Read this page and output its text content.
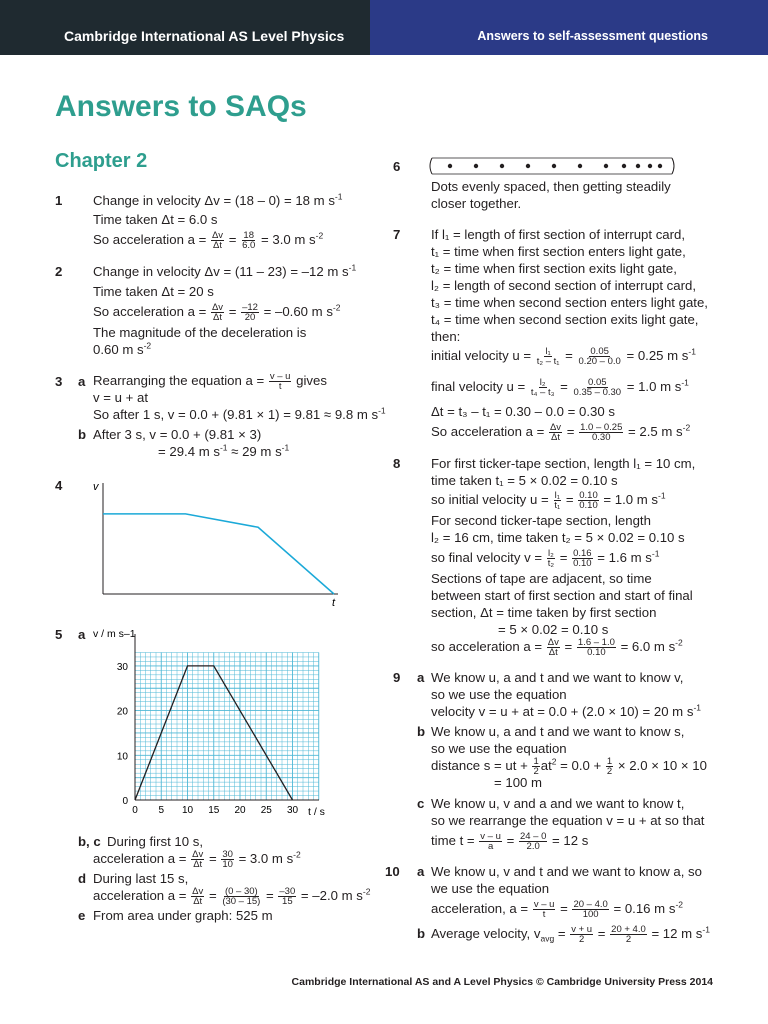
Cambridge International AS Level Physics	Answers to self-assessment questions
Answers to SAQs
Chapter 2
1 Change in velocity Δv = (18 – 0) = 18 m $s^{-1}$
Time taken Δt = 6.0 s
So acceleration $a = \frac{\Delta v}{\Delta t} = \frac{18}{6.0} = 3.0$ m $s^{-2}$
2 Change in velocity Δv = (11 – 23) = –12 m $s^{-1}$
Time taken Δt = 20 s
So acceleration $a = \frac{\Delta v}{\Delta t} = \frac{-12}{20} = -0.60$ m $s^{-2}$
The magnitude of the deceleration is
0.60 m $s^{-2}$
3 a Rearranging the equation $a = \frac{v - u}{t}$ gives
v = u + at
So after 1 s, v = 0.0 + (9.81 × 1) = 9.81 ≈ 9.8 m $s^{-1}$
b After 3 s, v = 0.0 + (9.81 × 3)
= 29.4 m $s^{-1} \approx 29$ m $s^{-1}$
4	v
t
5 a v / m s–1
0 5 10 15 20 25 30
0
10
20
30
t / s
b, c During first 10 s,
acceleration $a = \frac{\Delta v}{\Delta t} = \frac{30}{10} = 3.0$ m $s^{-2}$
d During last 15 s,
acceleration $a = \frac{\Delta v}{\Delta t} = \frac{(0 - 30)}{(30 - 15)} = \frac{-30}{15} = -2.0$ m $s^{-2}$
e From area under graph: 525 m
6
Dots evenly spaced, then getting steadily
closer together.
7 If l₁ = length of first section of interrupt card,
t₁ = time when first section enters light gate,
t₂ = time when first section exits light gate,
l₂ = length of second section of interrupt card,
t₃ = time when second section enters light gate,
t₄ = time when second section exits light gate,
then:
initial velocity $u = \frac{\text{l₁}}{\text{t₂ – t₁}} = \frac{0.05}{0.20 - 0.0} = 0.25$ m $s^{-1}$
final velocity $u = \frac{\text{l₂}}{\text{t₄ – t₃}} = \frac{0.05}{0.35 - 0.30} = 1.0$ m $s^{-1}$
Δt = t₃ – t₁ = 0.30 – 0.0 = 0.30 s
So acceleration $a = \frac{\Delta v}{\Delta t} = \frac{1.0 - 0.25}{0.30} = 2.5$ m $s^{-2}$
8 For first ticker-tape section, length l₁ = 10 cm,
time taken t₁ = 5 × 0.02 = 0.10 s
so initial velocity $u = \frac{\text{l₁}}{\text{t₁}} = \frac{0.10}{0.10} = 1.0$ m $s^{-1}$
For second ticker-tape section, length
l₂ = 16 cm, time taken t₂ = 5 × 0.02 = 0.10 s
so final velocity $v = \frac{\text{l₂}}{\text{t₂}} = \frac{0.16}{0.10} = 1.6$ m $s^{-1}$
Sections of tape are adjacent, so time
between start of first section and start of final
section, Δt = time taken by first section
= 5 × 0.02 = 0.10 s
so acceleration $a = \frac{\Delta v}{\Delta t} = \frac{1.6 - 1.0}{0.10} = 6.0$ m $s^{-2}$
9 a We know u, a and t and we want to know v,
so we use the equation
velocity v = u + at = 0.0 + (2.0 × 10) = 20 m $s^{-1}$
b We know u, a and t and we want to know s,
so we use the equation
distance s = ut + $\frac{1}{2} at^2 = 0.0 + \frac{1}{2} \times 2.0 \times 10 \times 10$
= 100 m
c We know u, v and a and we want to know t,
so we rearrange the equation v = u + at so that
time $t = \frac{v - u}{a} = \frac{24 - 0}{2.0} = 12$ s
10 a We know u, v and t and we want to know a, so
we use the equation
acceleration, $a = \frac{v - u}{t} = \frac{20 - 4.0}{100} = 0.16$ m $s^{-2}$
b Average velocity, $v_{avg} = \frac{v + u}{2} = \frac{20 + 4.0}{2} = 12$ m $s^{-1}$
Cambridge International AS and A Level Physics © Cambridge University Press 2014
